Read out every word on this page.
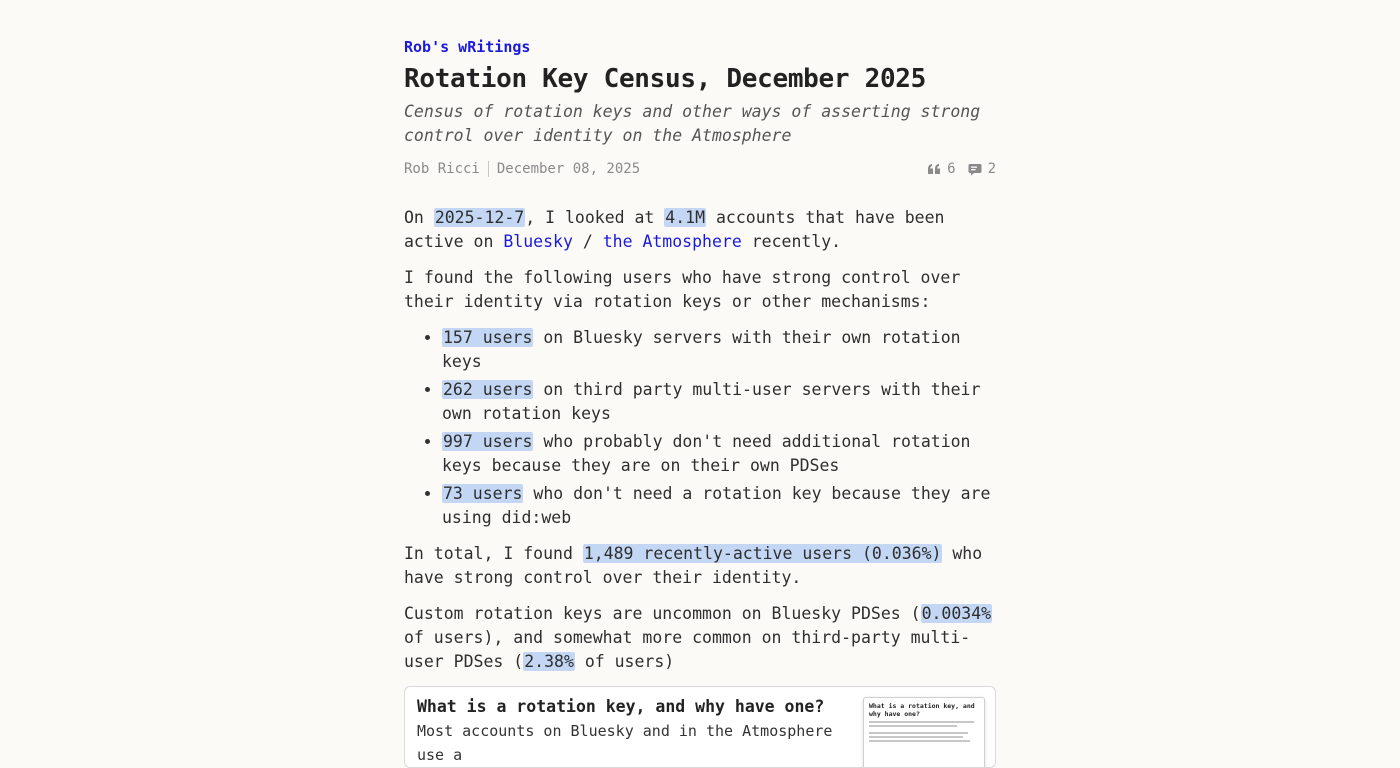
Rob's wRitings
Rotation Key Census, December 2025

Census of rotation keys and other ways of asserting strong control over identity on the Atmosphere

Rob Ricci December 08, 2025	6 2

On 2025-12-7, I looked at 4.1M accounts that have been active on Bluesky / the Atmosphere recently.

I found the following users who have strong control over their identity via rotation keys or other mechanisms:

• 157 users on Bluesky servers with their own rotation keys
• 262 users on third party multi-user servers with their own rotation keys
• 997 users who probably don't need additional rotation keys because they are on their own PDSes
• 73 users who don't need a rotation key because they are using did:web

In total, I found 1,489 recently-active users (0.036%) who have strong control over their identity.

Custom rotation keys are uncommon on Bluesky PDSes (0.0034% of users), and somewhat more common on third-party multi-user PDSes (2.38% of users)

What is a rotation key, and why have one?
Most accounts on Bluesky and in the Atmosphere use a
What is a rotation key, and why have one?
